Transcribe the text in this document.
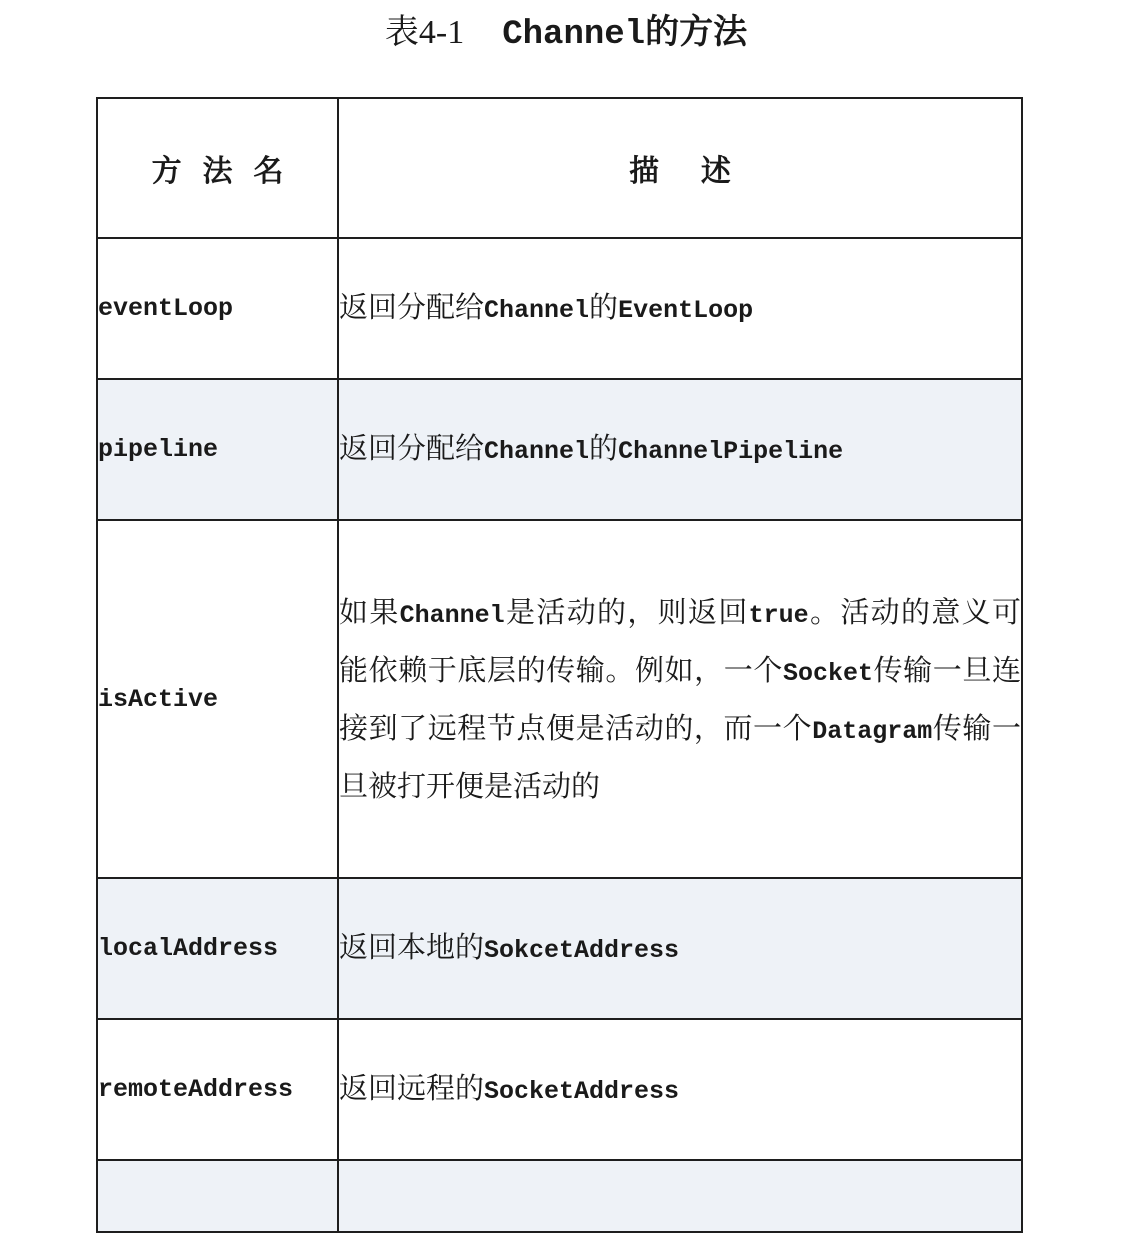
表4-1 Channel的方法
方  法  名	描    述
eventLoop	返回分配给Channel的EventLoop
pipeline	返回分配给Channel的ChannelPipeline
isActive	如果Channel是活动的，则返回true。活动的意义可能依赖于底层的传输。例如，一个Socket传输一旦连接到了远程节点便是活动的，而一个Datagram传输一旦被打开便是活动的
localAddress	返回本地的SokcetAddress
remoteAddress	返回远程的SocketAddress
